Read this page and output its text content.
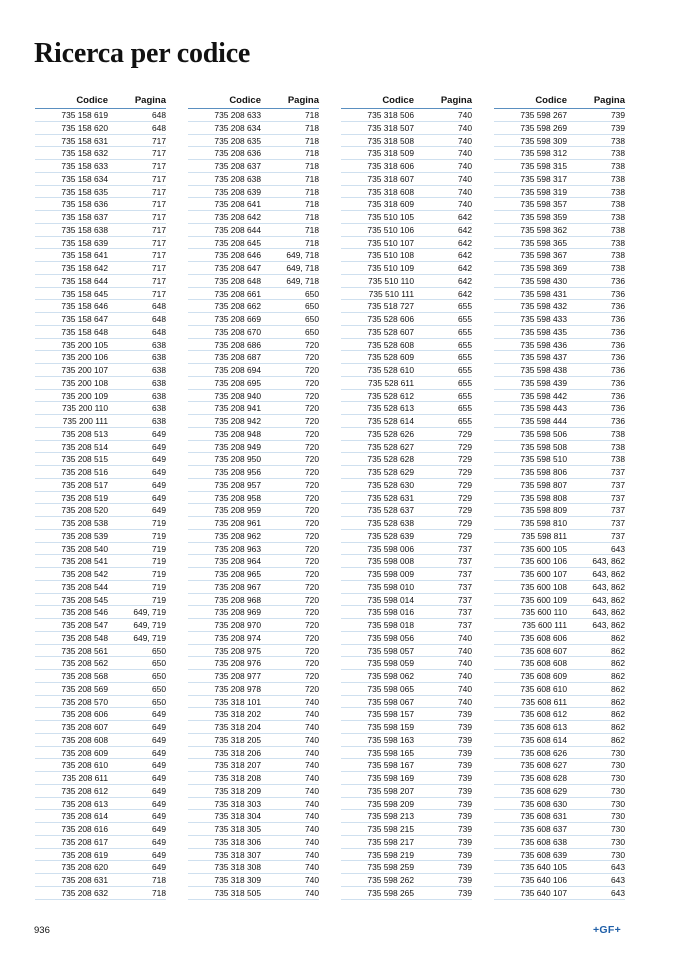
Ricerca per codice
Codice	Pagina
735 158 619	648
735 158 620	648
735 158 631	717
735 158 632	717
735 158 633	717
735 158 634	717
735 158 635	717
735 158 636	717
735 158 637	717
735 158 638	717
735 158 639	717
735 158 641	717
735 158 642	717
735 158 644	717
735 158 645	717
735 158 646	648
735 158 647	648
735 158 648	648
735 200 105	638
735 200 106	638
735 200 107	638
735 200 108	638
735 200 109	638
735 200 110	638
735 200 111	638
735 208 513	649
735 208 514	649
735 208 515	649
735 208 516	649
735 208 517	649
735 208 519	649
735 208 520	649
735 208 538	719
735 208 539	719
735 208 540	719
735 208 541	719
735 208 542	719
735 208 544	719
735 208 545	719
735 208 546	649, 719
735 208 547	649, 719
735 208 548	649, 719
735 208 561	650
735 208 562	650
735 208 568	650
735 208 569	650
735 208 570	650
735 208 606	649
735 208 607	649
735 208 608	649
735 208 609	649
735 208 610	649
735 208 611	649
735 208 612	649
735 208 613	649
735 208 614	649
735 208 616	649
735 208 617	649
735 208 619	649
735 208 620	649
735 208 631	718
735 208 632	718
Codice	Pagina
735 208 633	718
735 208 634	718
735 208 635	718
735 208 636	718
735 208 637	718
735 208 638	718
735 208 639	718
735 208 641	718
735 208 642	718
735 208 644	718
735 208 645	718
735 208 646	649, 718
735 208 647	649, 718
735 208 648	649, 718
735 208 661	650
735 208 662	650
735 208 669	650
735 208 670	650
735 208 686	720
735 208 687	720
735 208 694	720
735 208 695	720
735 208 940	720
735 208 941	720
735 208 942	720
735 208 948	720
735 208 949	720
735 208 950	720
735 208 956	720
735 208 957	720
735 208 958	720
735 208 959	720
735 208 961	720
735 208 962	720
735 208 963	720
735 208 964	720
735 208 965	720
735 208 967	720
735 208 968	720
735 208 969	720
735 208 970	720
735 208 974	720
735 208 975	720
735 208 976	720
735 208 977	720
735 208 978	720
735 318 101	740
735 318 202	740
735 318 204	740
735 318 205	740
735 318 206	740
735 318 207	740
735 318 208	740
735 318 209	740
735 318 303	740
735 318 304	740
735 318 305	740
735 318 306	740
735 318 307	740
735 318 308	740
735 318 309	740
735 318 505	740
Codice	Pagina
735 318 506	740
735 318 507	740
735 318 508	740
735 318 509	740
735 318 606	740
735 318 607	740
735 318 608	740
735 318 609	740
735 510 105	642
735 510 106	642
735 510 107	642
735 510 108	642
735 510 109	642
735 510 110	642
735 510 111	642
735 518 727	655
735 528 606	655
735 528 607	655
735 528 608	655
735 528 609	655
735 528 610	655
735 528 611	655
735 528 612	655
735 528 613	655
735 528 614	655
735 528 626	729
735 528 627	729
735 528 628	729
735 528 629	729
735 528 630	729
735 528 631	729
735 528 637	729
735 528 638	729
735 528 639	729
735 598 006	737
735 598 008	737
735 598 009	737
735 598 010	737
735 598 014	737
735 598 016	737
735 598 018	737
735 598 056	740
735 598 057	740
735 598 059	740
735 598 062	740
735 598 065	740
735 598 067	740
735 598 157	739
735 598 159	739
735 598 163	739
735 598 165	739
735 598 167	739
735 598 169	739
735 598 207	739
735 598 209	739
735 598 213	739
735 598 215	739
735 598 217	739
735 598 219	739
735 598 259	739
735 598 262	739
735 598 265	739
Codice	Pagina
735 598 267	739
735 598 269	739
735 598 309	738
735 598 312	738
735 598 315	738
735 598 317	738
735 598 319	738
735 598 357	738
735 598 359	738
735 598 362	738
735 598 365	738
735 598 367	738
735 598 369	738
735 598 430	736
735 598 431	736
735 598 432	736
735 598 433	736
735 598 435	736
735 598 436	736
735 598 437	736
735 598 438	736
735 598 439	736
735 598 442	736
735 598 443	736
735 598 444	736
735 598 506	738
735 598 508	738
735 598 510	738
735 598 806	737
735 598 807	737
735 598 808	737
735 598 809	737
735 598 810	737
735 598 811	737
735 600 105	643
735 600 106	643, 862
735 600 107	643, 862
735 600 108	643, 862
735 600 109	643, 862
735 600 110	643, 862
735 600 111	643, 862
735 608 606	862
735 608 607	862
735 608 608	862
735 608 609	862
735 608 610	862
735 608 611	862
735 608 612	862
735 608 613	862
735 608 614	862
735 608 626	730
735 608 627	730
735 608 628	730
735 608 629	730
735 608 630	730
735 608 631	730
735 608 637	730
735 608 638	730
735 608 639	730
735 640 105	643
735 640 106	643
735 640 107	643
936	+GF+
